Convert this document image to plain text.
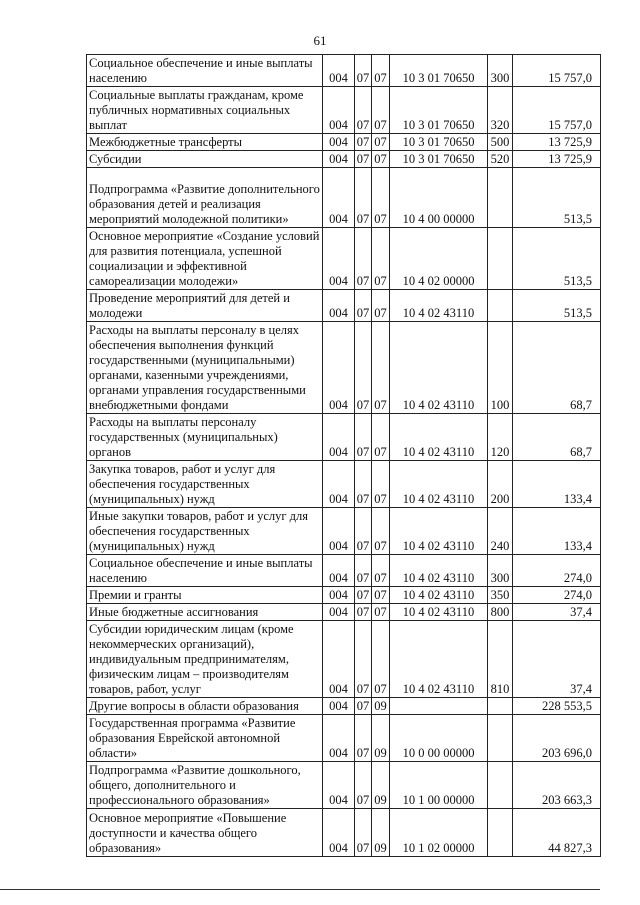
61
Социальное обеспечение и иные выплаты населению	004	07	07	10 3 01 70650	300	15 757,0
Социальные выплаты гражданам, кроме публичных нормативных социальных выплат	004	07	07	10 3 01 70650	320	15 757,0
Межбюджетные трансферты	004	07	07	10 3 01 70650	500	13 725,9
Субсидии	004	07	07	10 3 01 70650	520	13 725,9
Подпрограмма «Развитие дополнительного образования детей и реализация мероприятий молодежной политики»	004	07	07	10 4 00 00000		513,5
Основное мероприятие «Создание условий для развития потенциала, успешной социализации и эффективной самореализации молодежи»	004	07	07	10 4 02 00000		513,5
Проведение мероприятий для детей и молодежи	004	07	07	10 4 02 43110		513,5
Расходы на выплаты персоналу в целях обеспечения выполнения функций государственными (муниципальными) органами, казенными учреждениями, органами управления государственными внебюджетными фондами	004	07	07	10 4 02 43110	100	68,7
Расходы на выплаты персоналу государственных (муниципальных) органов	004	07	07	10 4 02 43110	120	68,7
Закупка товаров, работ и услуг для обеспечения государственных (муниципальных) нужд	004	07	07	10 4 02 43110	200	133,4
Иные закупки товаров, работ и услуг для обеспечения государственных (муниципальных) нужд	004	07	07	10 4 02 43110	240	133,4
Социальное обеспечение и иные выплаты населению	004	07	07	10 4 02 43110	300	274,0
Премии и гранты	004	07	07	10 4 02 43110	350	274,0
Иные бюджетные ассигнования	004	07	07	10 4 02 43110	800	37,4
Субсидии юридическим лицам (кроме некоммерческих организаций), индивидуальным предпринимателям, физическим лицам – производителям товаров, работ, услуг	004	07	07	10 4 02 43110	810	37,4
Другие вопросы в области образования	004	07	09			228 553,5
Государственная программа «Развитие образования Еврейской автономной области»	004	07	09	10 0 00 00000		203 696,0
Подпрограмма «Развитие дошкольного, общего, дополнительного и профессионального образования»	004	07	09	10 1 00 00000		203 663,3
Основное мероприятие «Повышение доступности и качества общего образования»	004	07	09	10 1 02 00000		44 827,3
